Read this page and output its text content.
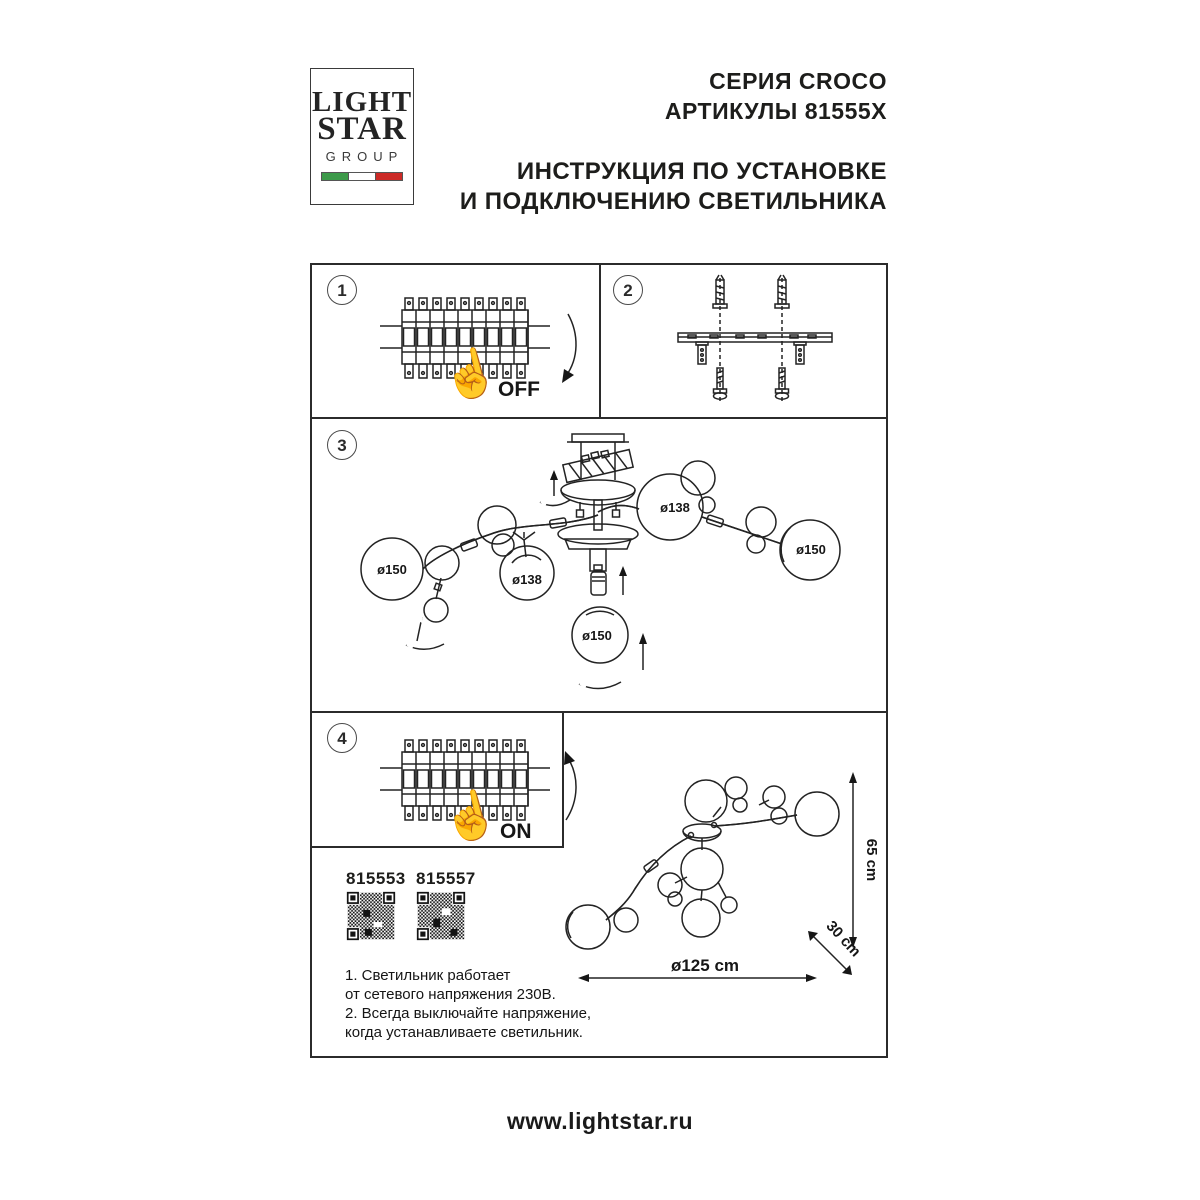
LIGHT
STAR
GROUP
СЕРИЯ CROCO
АРТИКУЛЫ 81555X
ИНСТРУКЦИЯ ПО УСТАНОВКЕ
И ПОДКЛЮЧЕНИЮ СВЕТИЛЬНИКА
1	2
3
4
☝
OFF
ø150
ø138
ø138
ø150
ø150
☝
ON
815553 815557
1. Светильник работает
от сетевого напряжения 230В.
2. Всегда выключайте напряжение,
когда устанавливаете светильник.
65 cm
ø125 cm
30 cm
www.lightstar.ru
